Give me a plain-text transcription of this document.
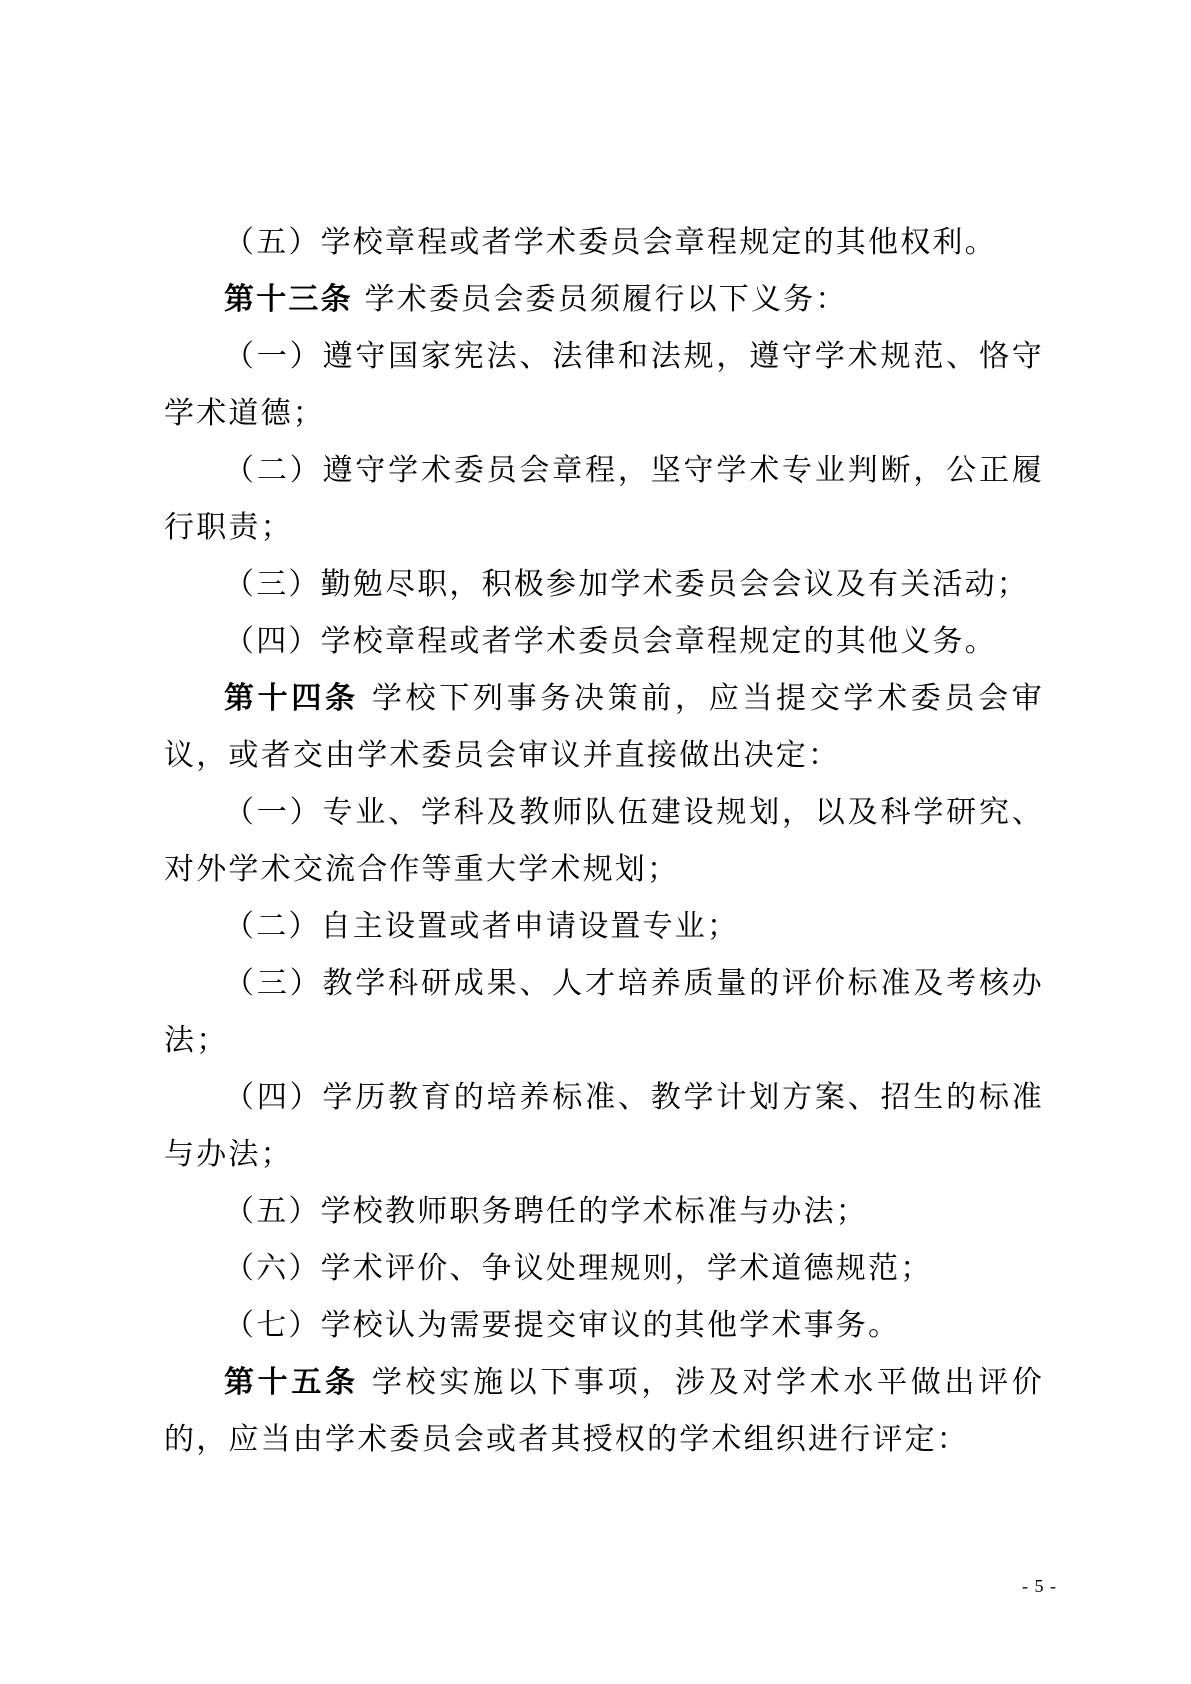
（五）学校章程或者学术委员会章程规定的其他权利。

第十三条 学术委员会委员须履行以下义务：

（一）遵守国家宪法、法律和法规，遵守学术规范、恪守学术道德；

（二）遵守学术委员会章程，坚守学术专业判断，公正履行职责；

（三）勤勉尽职，积极参加学术委员会会议及有关活动；

（四）学校章程或者学术委员会章程规定的其他义务。

第十四条 学校下列事务决策前，应当提交学术委员会审议，或者交由学术委员会审议并直接做出决定：

（一）专业、学科及教师队伍建设规划，以及科学研究、对外学术交流合作等重大学术规划；

（二）自主设置或者申请设置专业；

（三）教学科研成果、人才培养质量的评价标准及考核办法；

（四）学历教育的培养标准、教学计划方案、招生的标准与办法；

（五）学校教师职务聘任的学术标准与办法；

（六）学术评价、争议处理规则，学术道德规范；

（七）学校认为需要提交审议的其他学术事务。

第十五条 学校实施以下事项，涉及对学术水平做出评价的，应当由学术委员会或者其授权的学术组织进行评定：

- 5 -
